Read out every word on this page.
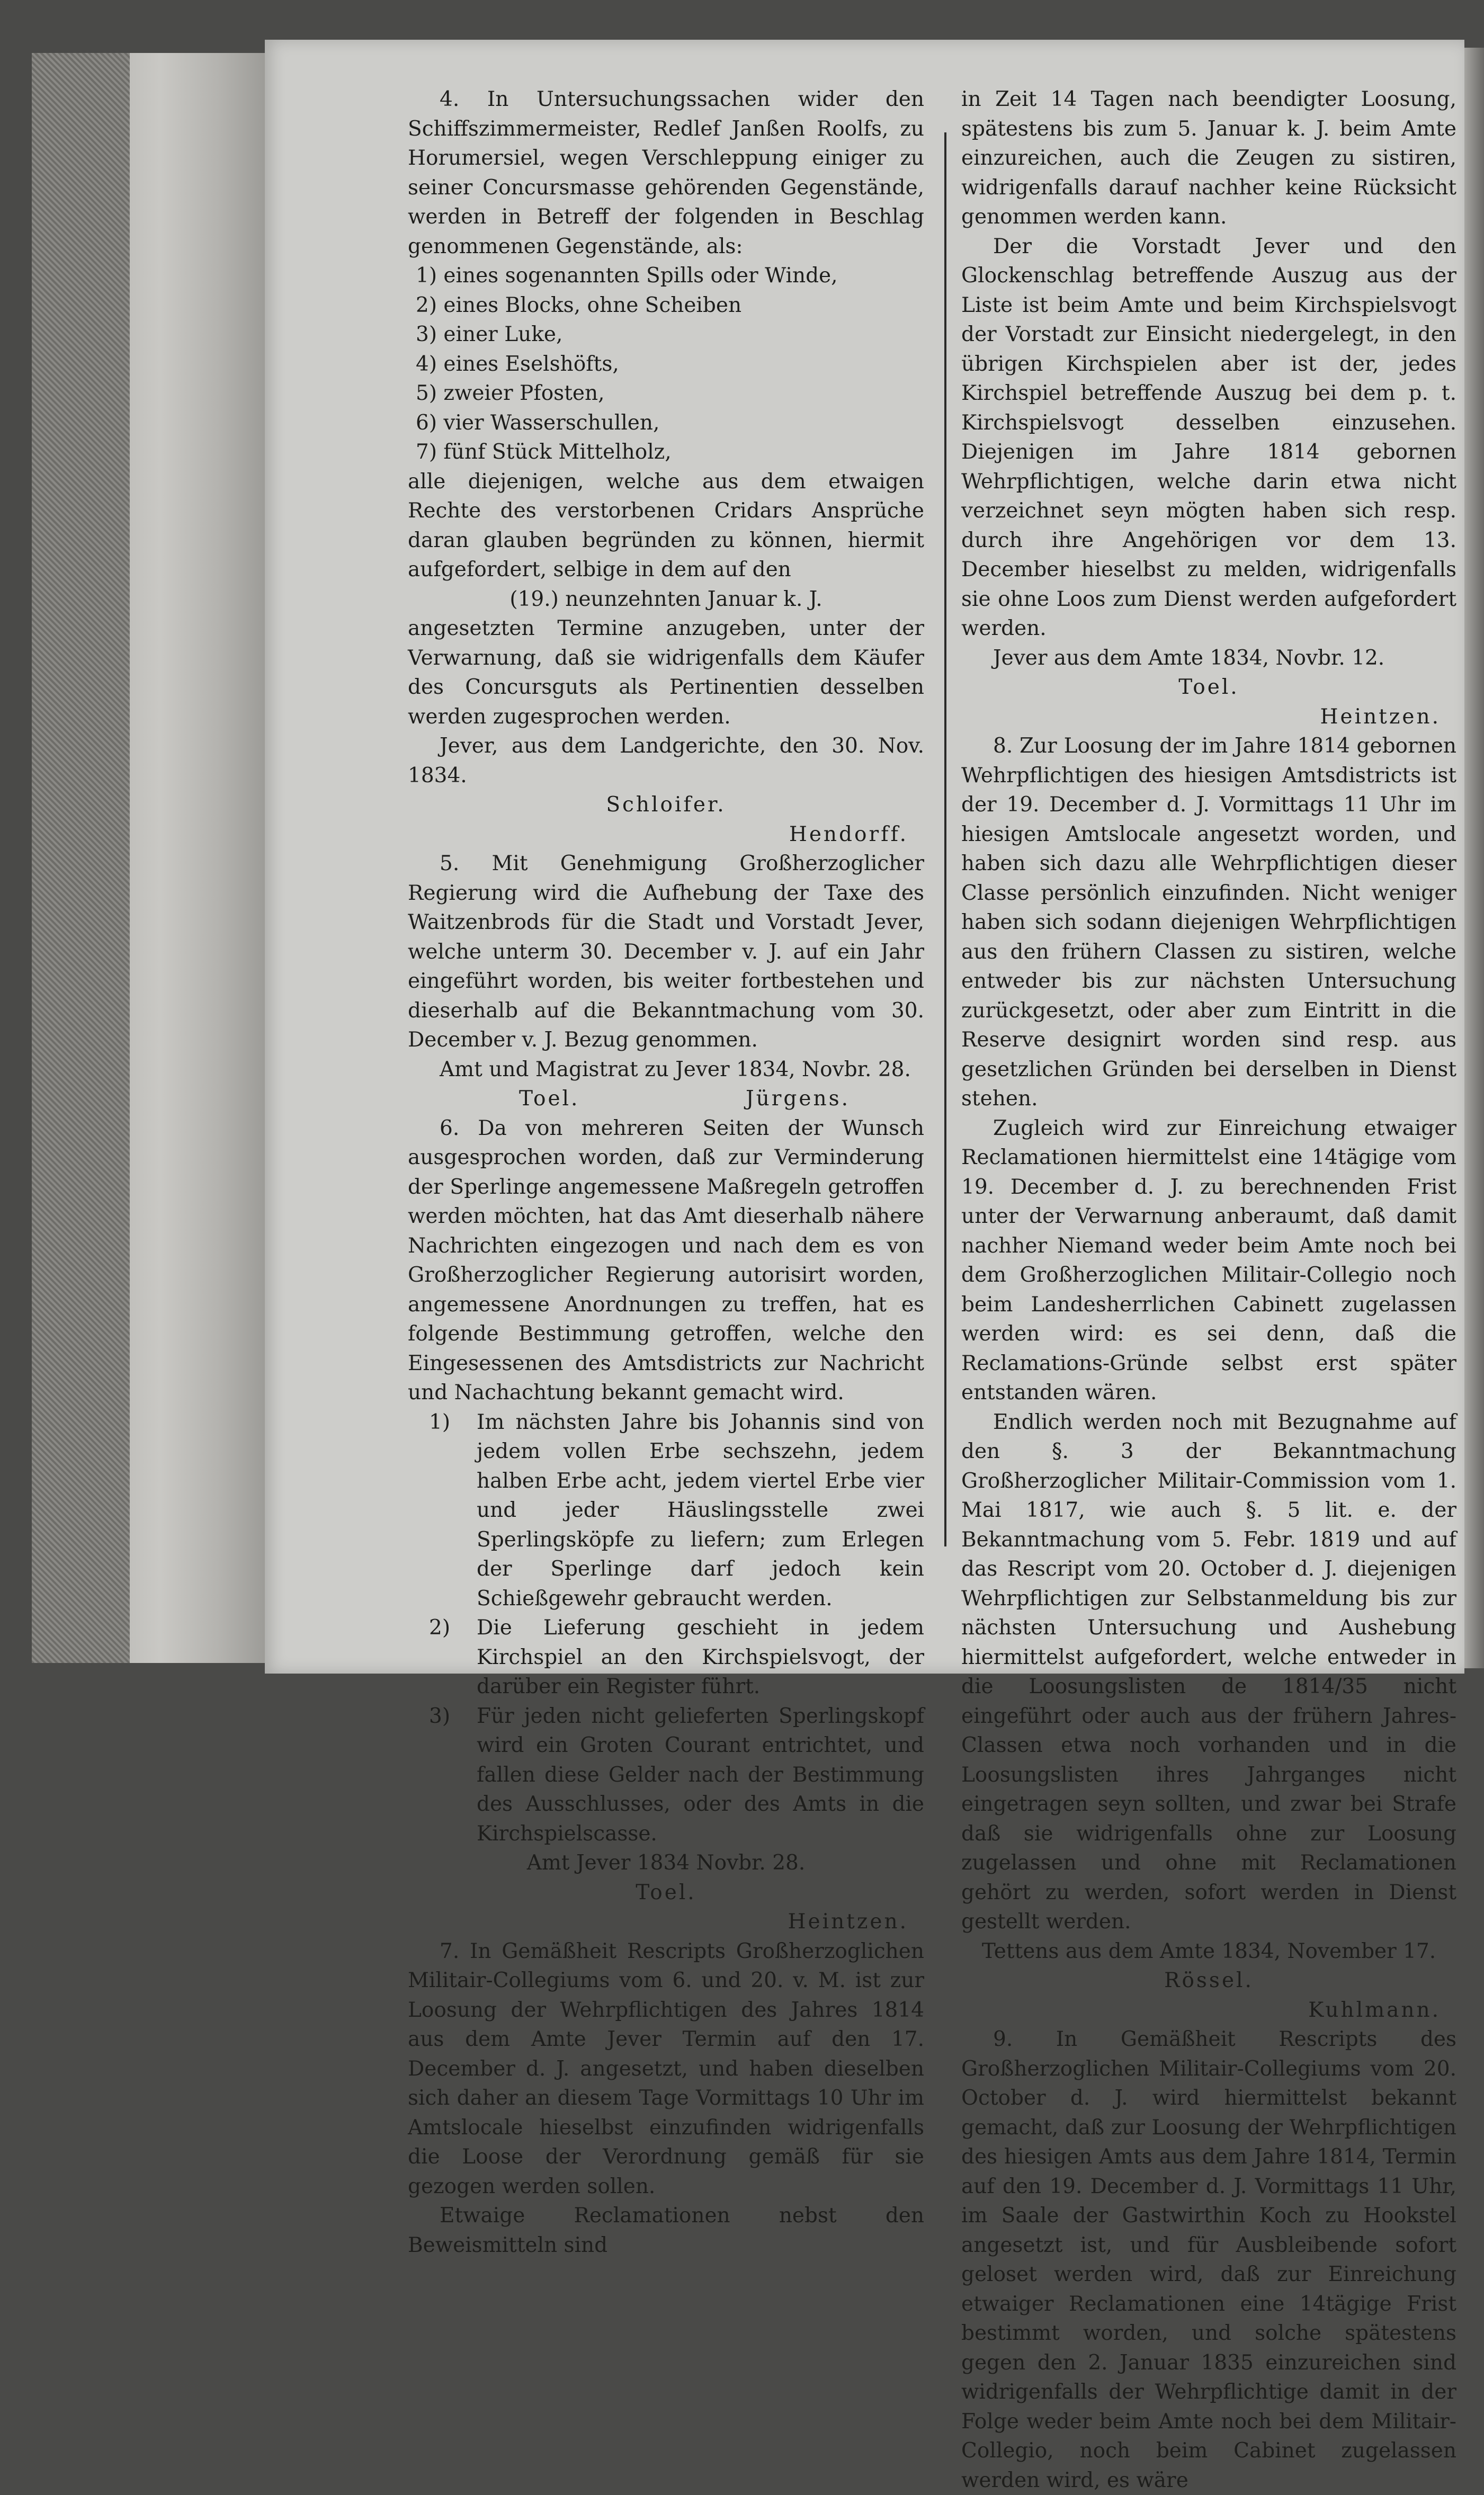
4. In Untersuchungssachen wider den Schiffszimmermeister, Redlef Janßen Roolfs, zu Horumersiel, wegen Verschleppung einiger zu seiner Concursmasse gehörenden Gegenstände, werden in Betreff der folgenden in Beschlag genommenen Gegenstände, als:

1) eines sogenannten Spills oder Winde,
2) eines Blocks, ohne Scheiben
3) einer Luke,
4) eines Eselshöfts,
5) zweier Pfosten,
6) vier Wasserschullen,
7) fünf Stück Mittelholz,

alle diejenigen, welche aus dem etwaigen Rechte des verstorbenen Cridars Ansprüche daran glauben begründen zu können, hiermit aufgefordert, selbige in dem auf den

(19.) neunzehnten Januar k. J.

angesetzten Termine anzugeben, unter der Verwarnung, daß sie widrigenfalls dem Käufer des Concursguts als Pertinentien desselben werden zugesprochen werden.

Jever, aus dem Landgerichte, den 30. Nov. 1834.

Schloifer.

Hendorff.

5. Mit Genehmigung Großherzoglicher Regierung wird die Aufhebung der Taxe des Waitzenbrods für die Stadt und Vorstadt Jever, welche unterm 30. December v. J. auf ein Jahr eingeführt worden, bis weiter fortbestehen und dieserhalb auf die Bekanntmachung vom 30. December v. J. Bezug genommen.

Amt und Magistrat zu Jever 1834, Novbr. 28.

Toel.	Jürgens.

6. Da von mehreren Seiten der Wunsch ausgesprochen worden, daß zur Verminderung der Sperlinge angemessene Maßregeln getroffen werden möchten, hat das Amt dieserhalb nähere Nachrichten eingezogen und nach dem es von Großherzoglicher Regierung autorisirt worden, angemessene Anordnungen zu treffen, hat es folgende Bestimmung getroffen, welche den Eingesessenen des Amtsdistricts zur Nachricht und Nachachtung bekannt gemacht wird.

1)	Im nächsten Jahre bis Johannis sind von jedem vollen Erbe sechszehn, jedem halben Erbe acht, jedem viertel Erbe vier und jeder Häuslingsstelle zwei Sperlingsköpfe zu liefern; zum Erlegen der Sperlinge darf jedoch kein Schießgewehr gebraucht werden.
2)	Die Lieferung geschieht in jedem Kirchspiel an den Kirchspielsvogt, der darüber ein Register führt.
3)	Für jeden nicht gelieferten Sperlingskopf wird ein Groten Courant entrichtet, und fallen diese Gelder nach der Bestimmung des Ausschlusses, oder des Amts in die Kirchspielscasse.

Amt Jever 1834 Novbr. 28.

Toel.

Heintzen.

7. In Gemäßheit Rescripts Großherzoglichen Militair-Collegiums vom 6. und 20. v. M. ist zur Loosung der Wehrpflichtigen des Jahres 1814 aus dem Amte Jever Termin auf den 17. December d. J. angesetzt, und haben dieselben sich daher an diesem Tage Vormittags 10 Uhr im Amtslocale hieselbst einzufinden widrigenfalls die Loose der Verordnung gemäß für sie gezogen werden sollen.

Etwaige Reclamationen nebst den Beweismitteln sind

in Zeit 14 Tagen nach beendigter Loosung, spätestens bis zum 5. Januar k. J. beim Amte einzureichen, auch die Zeugen zu sistiren, widrigenfalls darauf nachher keine Rücksicht genommen werden kann.

Der die Vorstadt Jever und den Glockenschlag betreffende Auszug aus der Liste ist beim Amte und beim Kirchspielsvogt der Vorstadt zur Einsicht niedergelegt, in den übrigen Kirchspielen aber ist der, jedes Kirchspiel betreffende Auszug bei dem p. t. Kirchspielsvogt desselben einzusehen. Diejenigen im Jahre 1814 gebornen Wehrpflichtigen, welche darin etwa nicht verzeichnet seyn mögten haben sich resp. durch ihre Angehörigen vor dem 13. December hieselbst zu melden, widrigenfalls sie ohne Loos zum Dienst werden aufgefordert werden.

Jever aus dem Amte 1834, Novbr. 12.

Toel.

Heintzen.

8. Zur Loosung der im Jahre 1814 gebornen Wehrpflichtigen des hiesigen Amtsdistricts ist der 19. December d. J. Vormittags 11 Uhr im hiesigen Amtslocale angesetzt worden, und haben sich dazu alle Wehrpflichtigen dieser Classe persönlich einzufinden. Nicht weniger haben sich sodann diejenigen Wehrpflichtigen aus den frühern Classen zu sistiren, welche entweder bis zur nächsten Untersuchung zurückgesetzt, oder aber zum Eintritt in die Reserve designirt worden sind resp. aus gesetzlichen Gründen bei derselben in Dienst stehen.

Zugleich wird zur Einreichung etwaiger Reclamationen hiermittelst eine 14tägige vom 19. December d. J. zu berechnenden Frist unter der Verwarnung anberaumt, daß damit nachher Niemand weder beim Amte noch bei dem Großherzoglichen Militair-Collegio noch beim Landesherrlichen Cabinett zugelassen werden wird: es sei denn, daß die Reclamations-Gründe selbst erst später entstanden wären.

Endlich werden noch mit Bezugnahme auf den §. 3 der Bekanntmachung Großherzoglicher Militair-Commission vom 1. Mai 1817, wie auch §. 5 lit. e. der Bekanntmachung vom 5. Febr. 1819 und auf das Rescript vom 20. October d. J. diejenigen Wehrpflichtigen zur Selbstanmeldung bis zur nächsten Untersuchung und Aushebung hiermittelst aufgefordert, welche entweder in die Loosungslisten de 1814/35 nicht eingeführt oder auch aus der frühern Jahres-Classen etwa noch vorhanden und in die Loosungslisten ihres Jahrganges nicht eingetragen seyn sollten, und zwar bei Strafe daß sie widrigenfalls ohne zur Loosung zugelassen und ohne mit Reclamationen gehört zu werden, sofort werden in Dienst gestellt werden.

Tettens aus dem Amte 1834, November 17.

Rössel.

Kuhlmann.

9. In Gemäßheit Rescripts des Großherzoglichen Militair-Collegiums vom 20. October d. J. wird hiermittelst bekannt gemacht, daß zur Loosung der Wehrpflichtigen des hiesigen Amts aus dem Jahre 1814, Termin auf den 19. December d. J. Vormittags 11 Uhr, im Saale der Gastwirthin Koch zu Hookstel angesetzt ist, und für Ausbleibende sofort geloset werden wird, daß zur Einreichung etwaiger Reclamationen eine 14tägige Frist bestimmt worden, und solche spätestens gegen den 2. Januar 1835 einzureichen sind widrigenfalls der Wehrpflichtige damit in der Folge weder beim Amte noch bei dem Militair-Collegio, noch beim Cabinet zugelassen werden wird, es wäre
